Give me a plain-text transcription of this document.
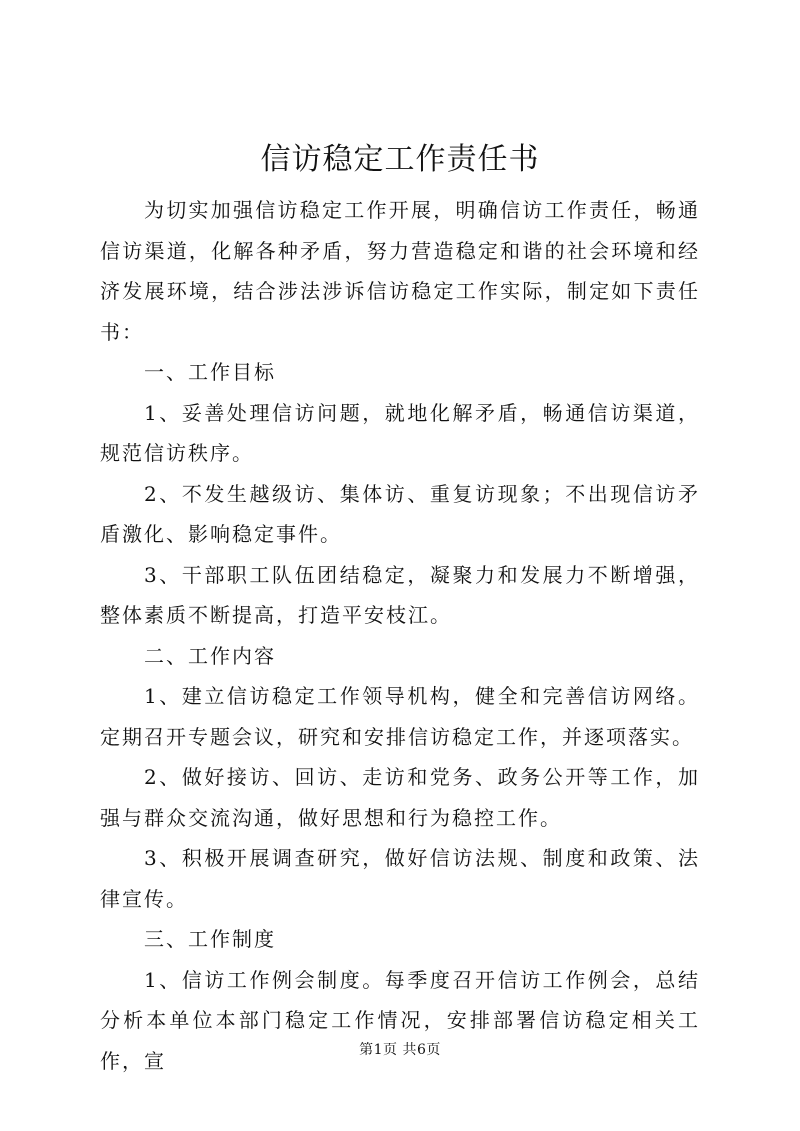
信访稳定工作责任书

为切实加强信访稳定工作开展，明确信访工作责任，畅通信访渠道，化解各种矛盾，努力营造稳定和谐的社会环境和经济发展环境，结合涉法涉诉信访稳定工作实际，制定如下责任书：

一、工作目标

1、妥善处理信访问题，就地化解矛盾，畅通信访渠道，规范信访秩序。

2、不发生越级访、集体访、重复访现象；不出现信访矛盾激化、影响稳定事件。

3、干部职工队伍团结稳定，凝聚力和发展力不断增强，整体素质不断提高，打造平安枝江。

二、工作内容

1、建立信访稳定工作领导机构，健全和完善信访网络。定期召开专题会议，研究和安排信访稳定工作，并逐项落实。

2、做好接访、回访、走访和党务、政务公开等工作，加强与群众交流沟通，做好思想和行为稳控工作。

3、积极开展调查研究，做好信访法规、制度和政策、法律宣传。

三、工作制度

1、信访工作例会制度。每季度召开信访工作例会，总结分析本单位本部门稳定工作情况，安排部署信访稳定相关工作，宣	第1页 共6页
